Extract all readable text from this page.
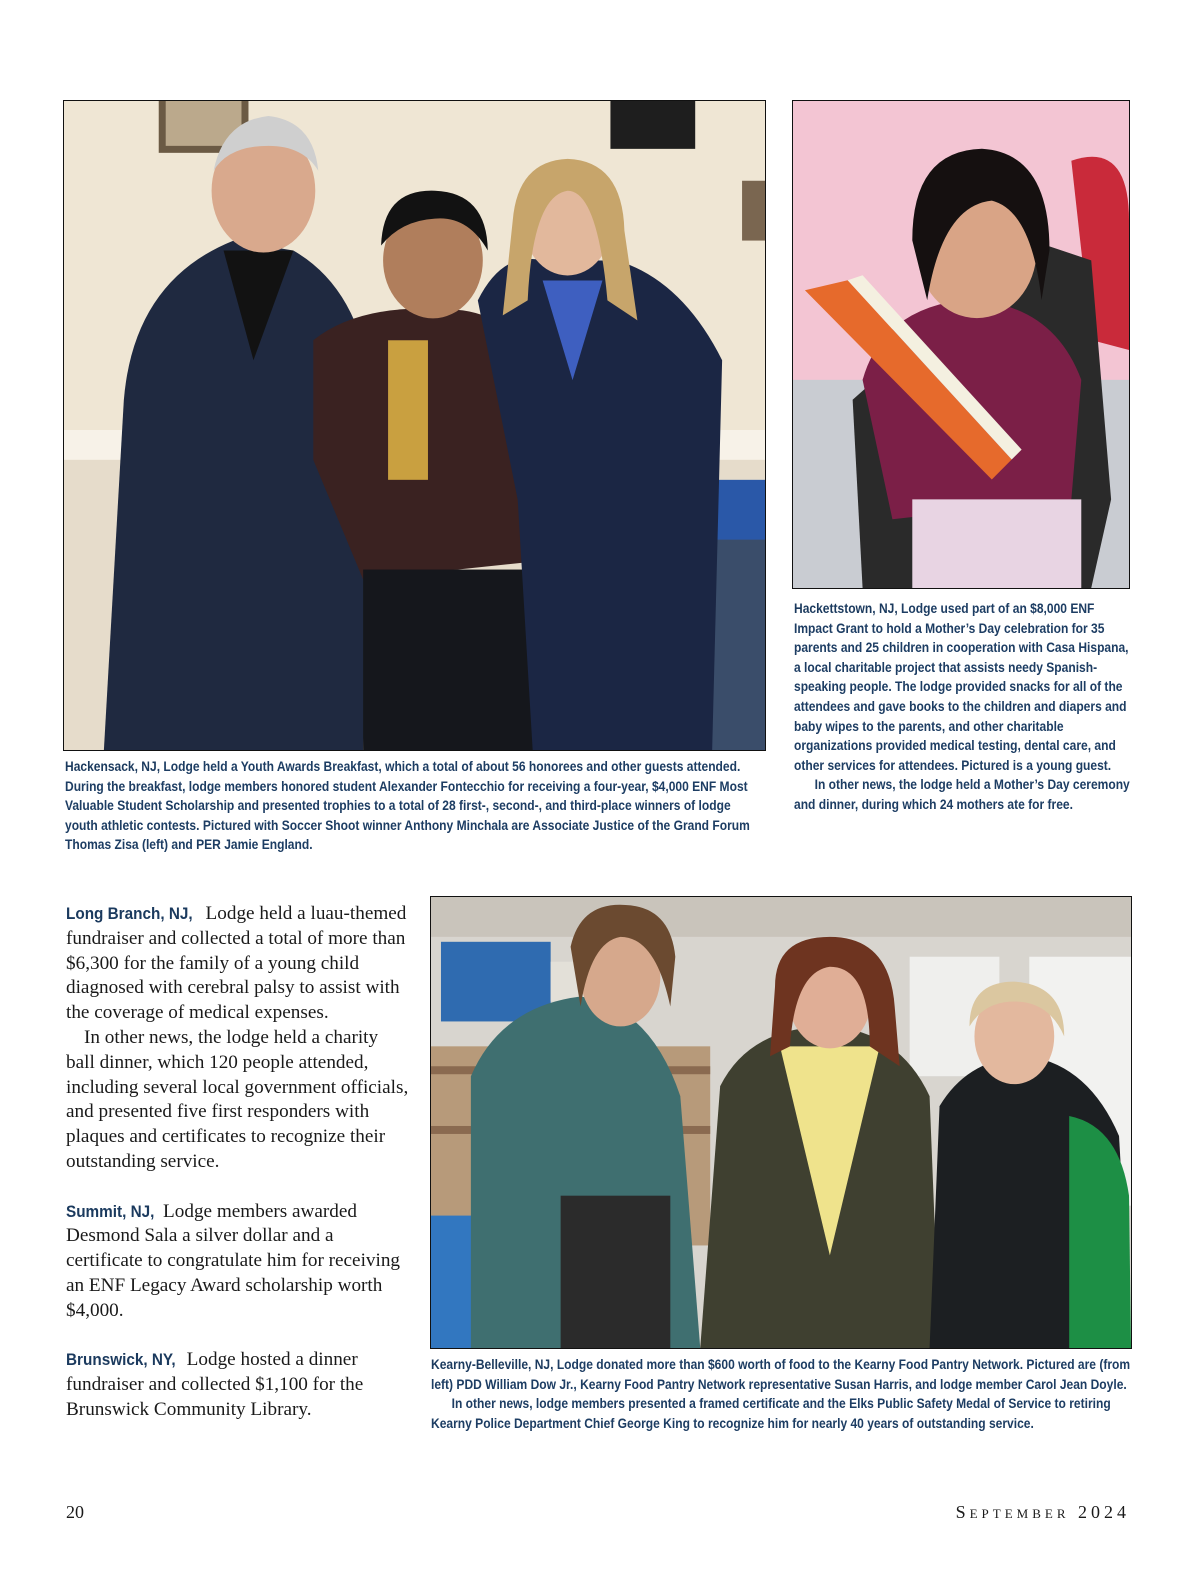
Hackensack, NJ, Lodge held a Youth Awards Breakfast, which a total of about 56 honorees and other guests attended. During the breakfast, lodge members honored student Alexander Fontecchio for receiving a four-year, $4,000 ENF Most Valuable Student Scholarship and presented trophies to a total of 28 first-, second-, and third-place winners of lodge youth athletic contests. Pictured with Soccer Shoot winner Anthony Minchala are Associate Justice of the Grand Forum Thomas Zisa (left) and PER Jamie England.

Hackettstown, NJ, Lodge used part of an $8,000 ENF Impact Grant to hold a Mother’s Day celebration for 35 parents and 25 children in cooperation with Casa Hispana, a local charitable project that assists needy Spanish-speaking people. The lodge provided snacks for all of the attendees and gave books to the children and diapers and baby wipes to the parents, and other charitable organizations provided medical testing, dental care, and other services for attendees. Pictured is a young guest.

In other news, the lodge held a Mother’s Day ceremony and dinner, during which 24 mothers ate for free.

Kearny-Belleville, NJ, Lodge donated more than $600 worth of food to the Kearny Food Pantry Network. Pictured are (from left) PDD William Dow Jr., Kearny Food Pantry Network representative Susan Harris, and lodge member Carol Jean Doyle.

In other news, lodge members presented a framed certificate and the Elks Public Safety Medal of Service to retiring Kearny Police Department Chief George King to recognize him for nearly 40 years of outstanding service.

Long Branch, NJ, Lodge held a luau-themed fundraiser and collected a total of more than $6,300 for the family of a young child diagnosed with cerebral palsy to assist with the coverage of medical expenses.

In other news, the lodge held a charity ball dinner, which 120 people attended, including several local government officials, and presented five first responders with plaques and certificates to recognize their outstanding service.

Summit, NJ, Lodge members awarded Desmond Sala a silver dollar and a certificate to congratulate him for receiving an ENF Legacy Award scholarship worth $4,000.

Brunswick, NY, Lodge hosted a dinner fundraiser and collected $1,100 for the Brunswick Community Library.

20	September 2024
